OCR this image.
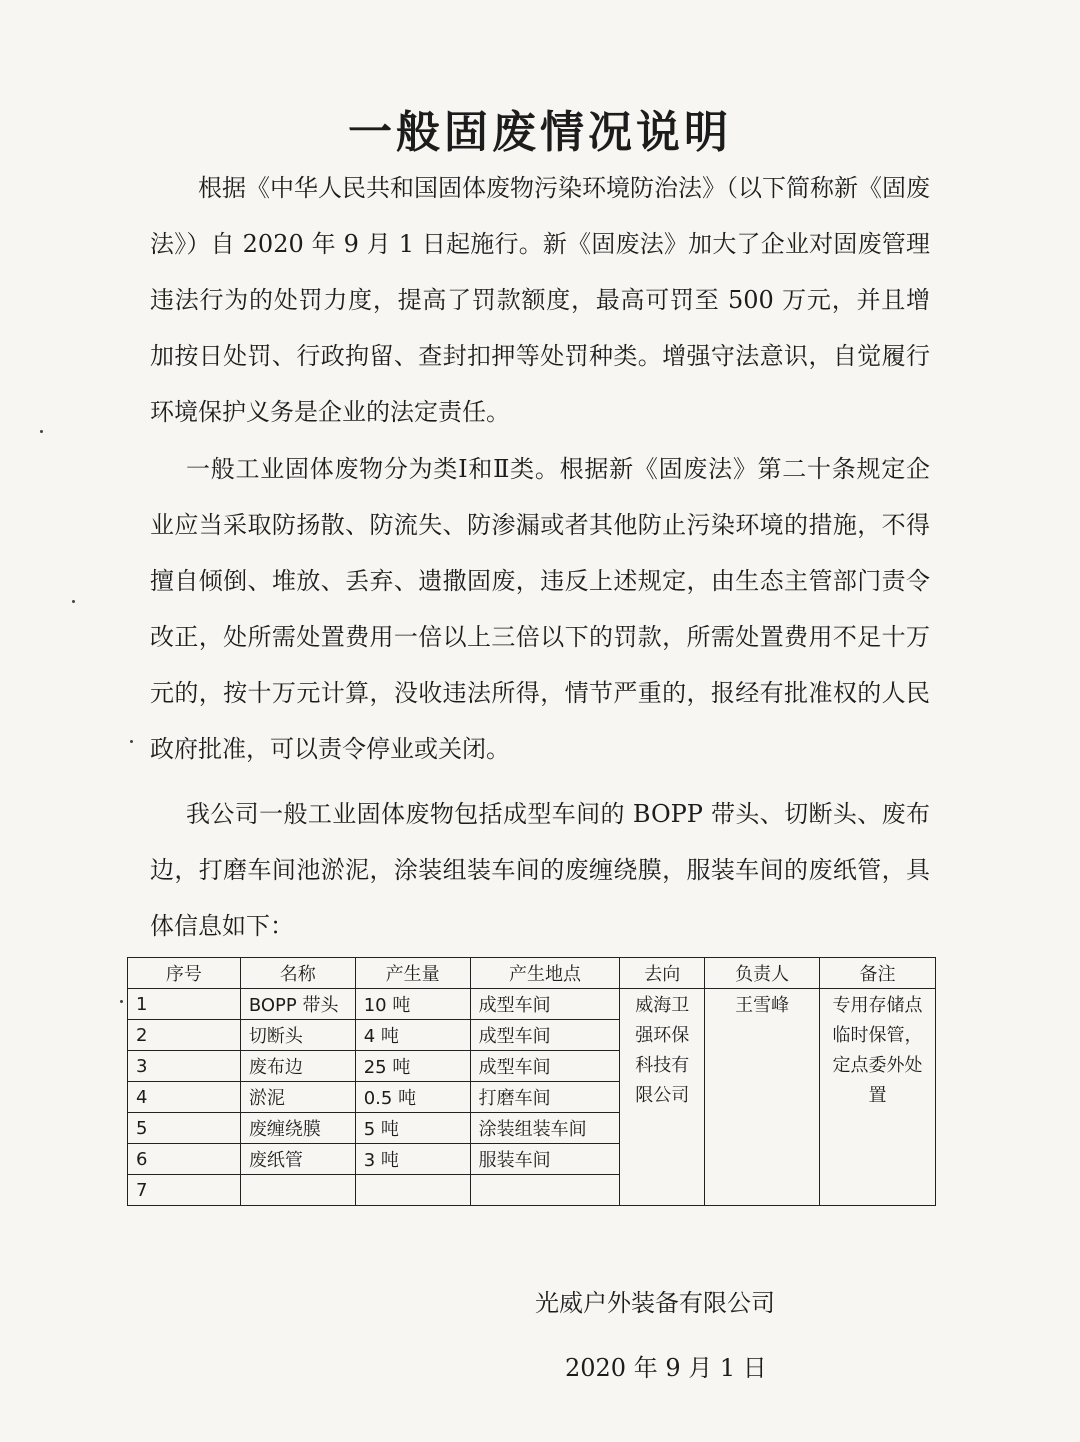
一般固废情况说明

根据《中华人民共和国固体废物污染环境防治法》（以下简称新《固废法》）自 2020 年 9 月 1 日起施行。新《固废法》加大了企业对固废管理违法行为的处罚力度，提高了罚款额度，最高可罚至 500 万元，并且增加按日处罚、行政拘留、查封扣押等处罚种类。增强守法意识，自觉履行环境保护义务是企业的法定责任。

一般工业固体废物分为类Ⅰ和Ⅱ类。根据新《固废法》第二十条规定企业应当采取防扬散、防流失、防渗漏或者其他防止污染环境的措施，不得擅自倾倒、堆放、丢弃、遗撒固废，违反上述规定，由生态主管部门责令改正，处所需处置费用一倍以上三倍以下的罚款，所需处置费用不足十万元的，按十万元计算，没收违法所得，情节严重的，报经有批准权的人民政府批准，可以责令停业或关闭。

我公司一般工业固体废物包括成型车间的 BOPP 带头、切断头、废布边，打磨车间池淤泥，涂装组装车间的废缠绕膜，服装车间的废纸管，具体信息如下：

序号	名称	产生量	产生地点	去向	负责人	备注
1	BOPP 带头	10 吨	成型车间	威海卫强环保科技有限公司	王雪峰	专用存储点临时保管，定点委外处置
2	切断头	4 吨	成型车间			
3	废布边	25 吨	成型车间			
4	淤泥	0.5 吨	打磨车间			
5	废缠绕膜	5 吨	涂装组装车间			
6	废纸管	3 吨	服装车间			
7						
光威户外装备有限公司
2020 年 9 月 1 日
